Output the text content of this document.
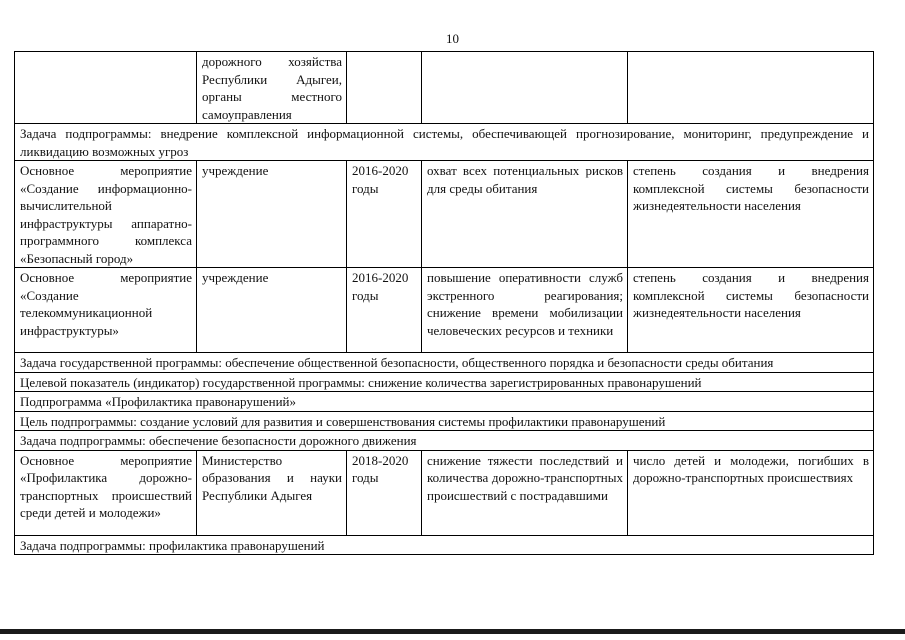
10
	дорожного хозяйства Республики Адыгеи, органы местного самоуправления			
Задача подпрограммы: внедрение комплексной информационной системы, обеспечивающей прогнозирование, мониторинг, предупреждение и ликвидацию возможных угроз				
Основное мероприятие «Создание информационно-вычислительной инфраструктуры аппаратно-программного комплекса «Безопасный город»	учреждение	2016-2020 годы	охват всех потенциальных рисков для среды обитания	степень создания и внедрения комплексной системы безопасности жизнедеятельности населения
Основное мероприятие «Создание телекоммуникационной инфраструктуры»	учреждение	2016-2020 годы	повышение оперативности служб экстренного реагирования; снижение времени мобилизации человеческих ресурсов и техники	степень создания и внедрения комплексной системы безопасности жизнедеятельности населения
Задача государственной программы: обеспечение общественной безопасности, общественного порядка и безопасности среды обитания				
Целевой показатель (индикатор) государственной программы: снижение количества зарегистрированных правонарушений				
Подпрограмма «Профилактика правонарушений»				
Цель подпрограммы: создание условий для развития и совершенствования системы профилактики правонарушений				
Задача подпрограммы: обеспечение безопасности дорожного движения				
Основное мероприятие «Профилактика дорожно-транспортных происшествий среди детей и молодежи»	Министерство образования и науки Республики Адыгея	2018-2020 годы	снижение тяжести последствий и количества дорожно-транспортных происшествий с пострадавшими	число детей и молодежи, погибших в дорожно-транспортных происшествиях
Задача подпрограммы: профилактика правонарушений				
